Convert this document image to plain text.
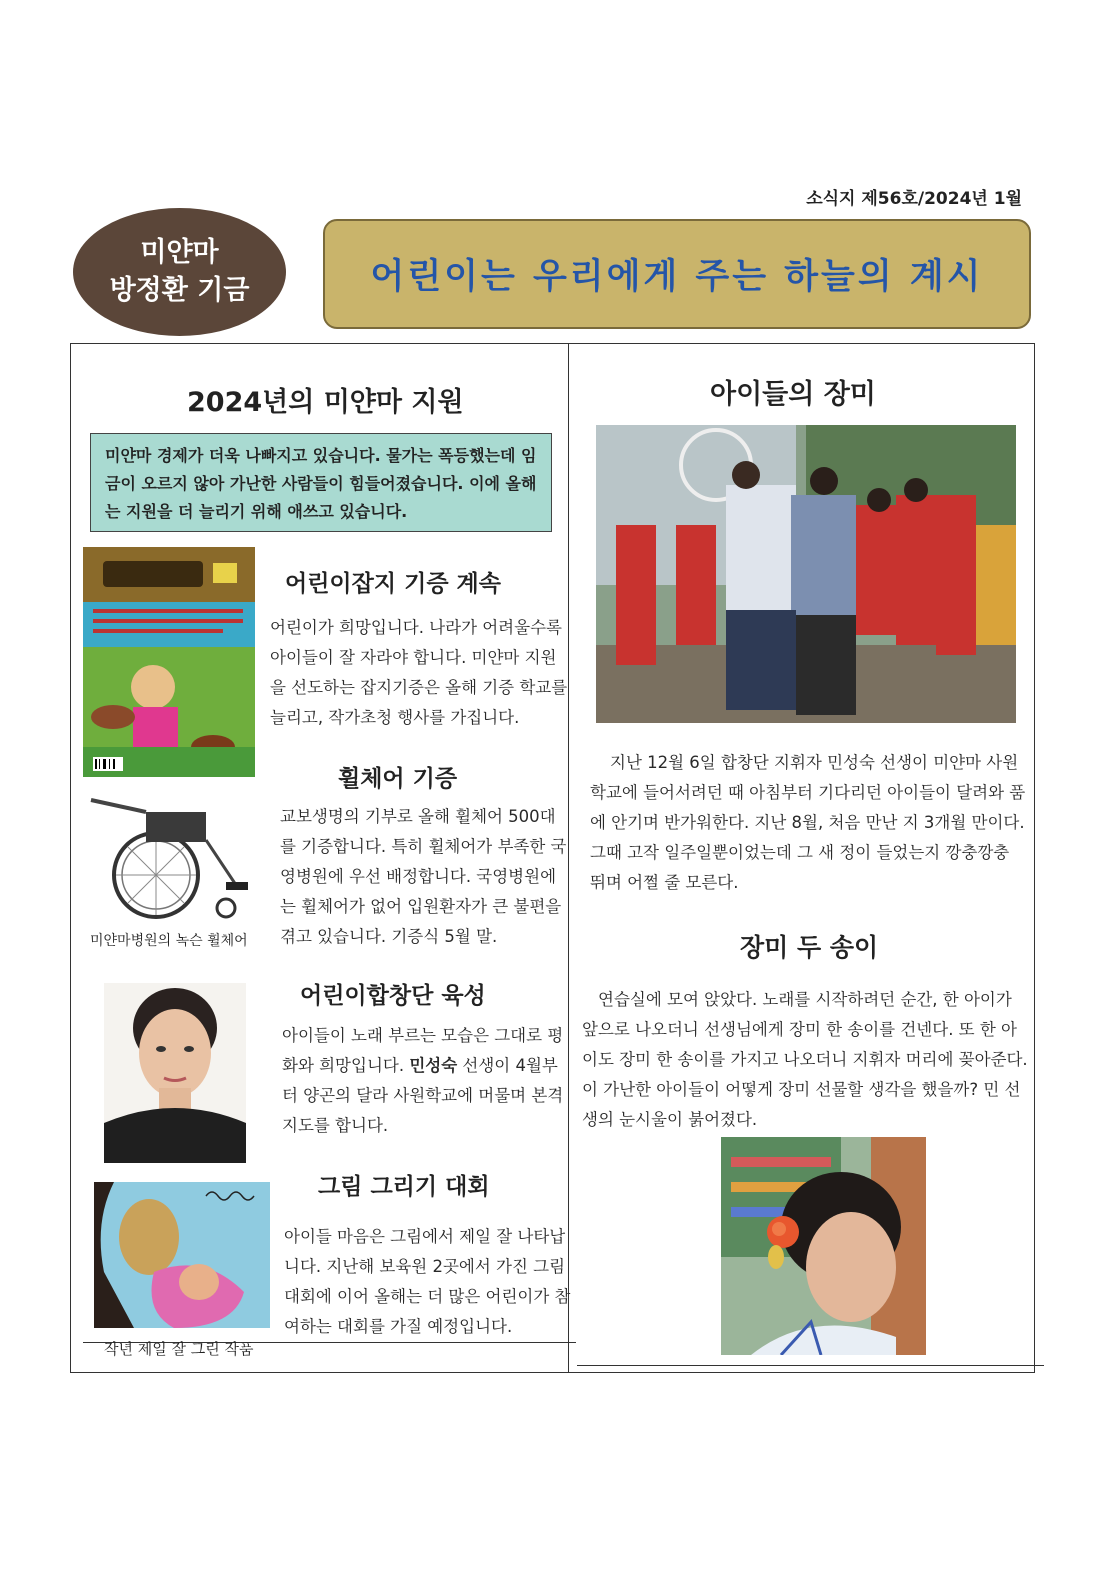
소식지 제56호/2024년 1월
미얀마
방정환 기금	어린이는 우리에게 주는 하늘의 계시
2024년의 미얀마 지원
미얀마 경제가 더욱 나빠지고 있습니다. 물가는 폭등했는데 임금이 오르지 않아 가난한 사람들이 힘들어졌습니다. 이에 올해는 지원을 더 늘리기 위해 애쓰고 있습니다.
어린이잡지 기증 계속
어린이가 희망입니다. 나라가 어려울수록 아이들이 잘 자라야 합니다. 미얀마 지원을 선도하는 잡지기증은 올해 기증 학교를 늘리고, 작가초청 행사를 가집니다.
미얀마병원의 녹슨 휠체어
휠체어 기증
교보생명의 기부로 올해 휠체어 500대를 기증합니다. 특히 휠체어가 부족한 국영병원에 우선 배정합니다. 국영병원에는 휠체어가 없어 입원환자가 큰 불편을 겪고 있습니다. 기증식 5월 말.
어린이합창단 육성
아이들이 노래 부르는 모습은 그대로 평화와 희망입니다. 민성숙 선생이 4월부터 양곤의 달라 사원학교에 머물며 본격 지도를 합니다.
작년 제일 잘 그린 작품
그림 그리기 대회
아이들 마음은 그림에서 제일 잘 나타납니다. 지난해 보육원 2곳에서 가진 그림 대회에 이어 올해는 더 많은 어린이가 참여하는 대회를 가질 예정입니다.
아이들의 장미
지난 12월 6일 합창단 지휘자 민성숙 선생이 미얀마 사원학교에 들어서려던 때 아침부터 기다리던 아이들이 달려와 품에 안기며 반가워한다. 지난 8월, 처음 만난 지 3개월 만이다. 그때 고작 일주일뿐이었는데 그 새 정이 들었는지 깡충깡충 뛰며 어쩔 줄 모른다.
장미 두 송이
연습실에 모여 앉았다. 노래를 시작하려던 순간, 한 아이가 앞으로 나오더니 선생님에게 장미 한 송이를 건넨다. 또 한 아이도 장미 한 송이를 가지고 나오더니 지휘자 머리에 꽂아준다. 이 가난한 아이들이 어떻게 장미 선물할 생각을 했을까? 민 선생의 눈시울이 붉어졌다.
